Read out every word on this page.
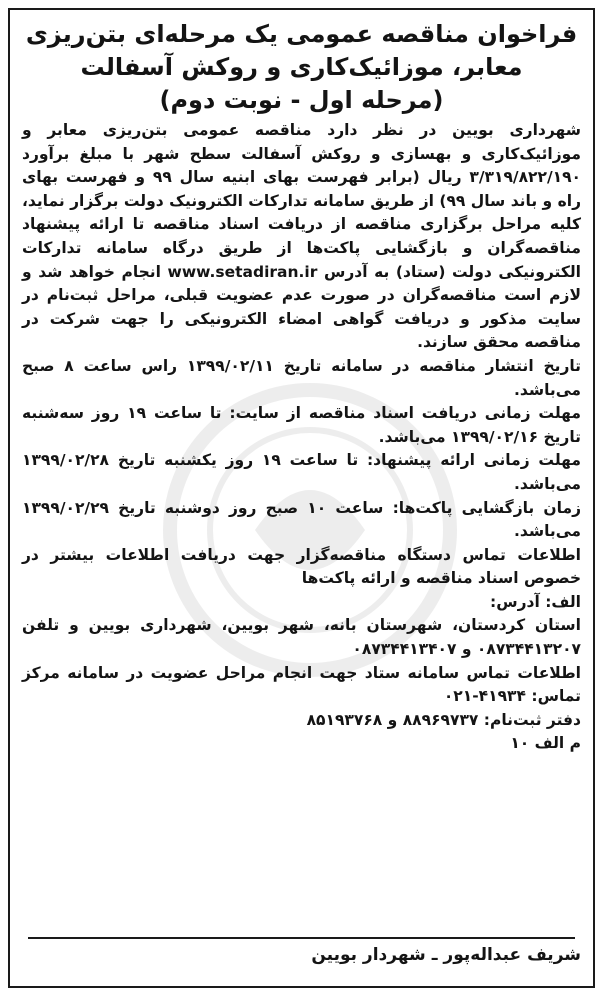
فراخوان مناقصه عمومی یک مرحله‌ای بتن‌ریزی
معابر، موزائیک‌کاری و روکش آسفالت
(مرحله اول - نوبت دوم)

شهرداری بویین در نظر دارد مناقصه عمومی بتن‌ریزی معابر و موزائیک‌کاری و بهسازی و روکش آسفالت سطح شهر با مبلغ برآورد ۳/۳۱۹/۸۲۲/۱۹۰ ریال (برابر فهرست بهای ابنیه سال ۹۹ و فهرست بهای راه و باند سال ۹۹) از طریق سامانه تدارکات الکترونیک دولت برگزار نماید، کلیه مراحل برگزاری مناقصه از دریافت اسناد مناقصه تا ارائه پیشنهاد مناقصه‌گران و بازگشایی پاکت‌ها از طریق درگاه سامانه تدارکات الکترونیکی دولت (ستاد) به آدرس www.setadiran.ir انجام خواهد شد و لازم است مناقصه‌گران در صورت عدم عضویت قبلی، مراحل ثبت‌نام در سایت مذکور و دریافت گواهی امضاء الکترونیکی را جهت شرکت در مناقصه محقق سازند.

تاریخ انتشار مناقصه در سامانه تاریخ ۱۳۹۹/۰۲/۱۱ راس ساعت ۸ صبح می‌باشد.

مهلت زمانی دریافت اسناد مناقصه از سایت: تا ساعت ۱۹ روز سه‌شنبه تاریخ ۱۳۹۹/۰۲/۱۶ می‌باشد.

مهلت زمانی ارائه پیشنهاد: تا ساعت ۱۹ روز یکشنبه تاریخ ۱۳۹۹/۰۲/۲۸ می‌باشد.

زمان بازگشایی پاکت‌ها: ساعت ۱۰ صبح روز دوشنبه تاریخ ۱۳۹۹/۰۲/۲۹ می‌باشد.

اطلاعات تماس دستگاه مناقصه‌گزار جهت دریافت اطلاعات بیشتر در خصوص اسناد مناقصه و ارائه پاکت‌ها

الف: آدرس:

استان کردستان، شهرستان بانه، شهر بویین، شهرداری بویین و تلفن ۰۸۷۳۴۴۱۳۲۰۷ و ۰۸۷۳۴۴۱۳۴۰۷

اطلاعات تماس سامانه ستاد جهت انجام مراحل عضویت در سامانه مرکز تماس: ۴۱۹۳۴-۰۲۱

دفتر ثبت‌نام: ۸۸۹۶۹۷۳۷ و ۸۵۱۹۳۷۶۸

م الف ۱۰

شریف عبداله‌پور ـ شهردار بویین
